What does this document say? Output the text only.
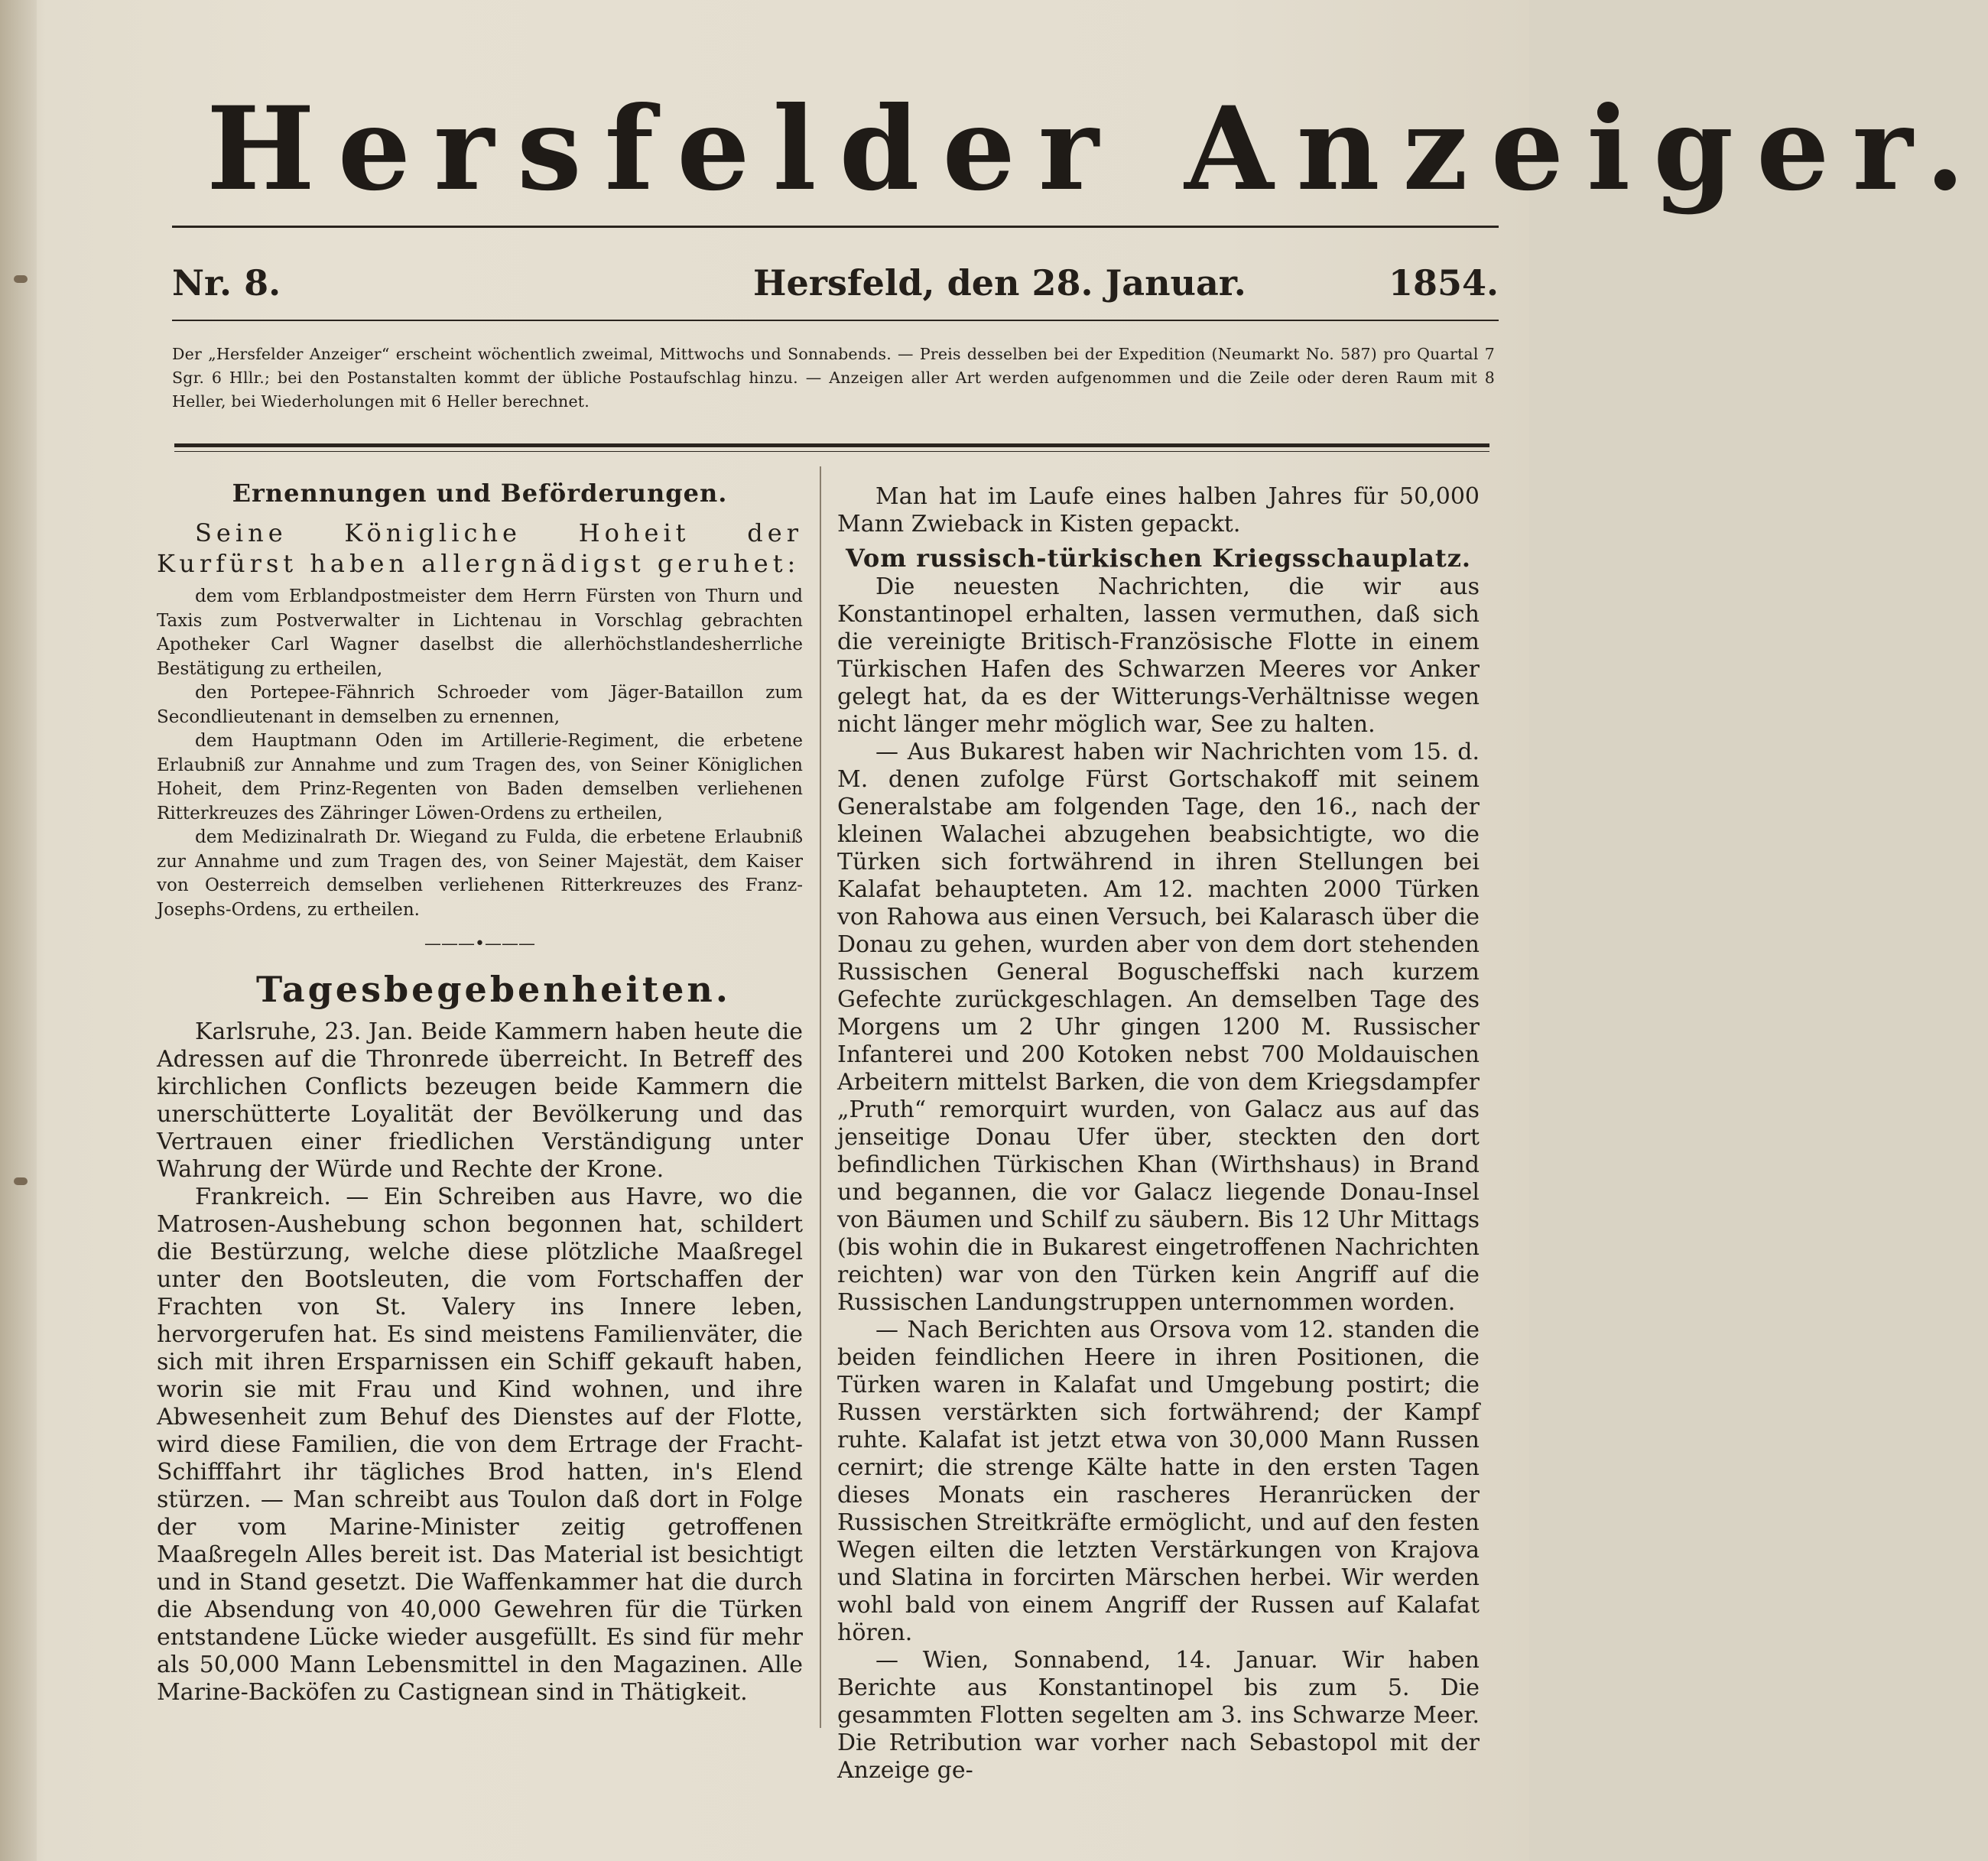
Hersfelder Anzeiger.
Nr. 8.	Hersfeld, den 28. Januar.	1854.
Der „Hersfelder Anzeiger“ erscheint wöchentlich zweimal, Mittwochs und Sonnabends. — Preis desselben bei der Expedition (Neumarkt No. 587) pro Quartal 7 Sgr. 6 Hllr.; bei den Postanstalten kommt der übliche Postaufschlag hinzu. — Anzeigen aller Art werden aufgenommen und die Zeile oder deren Raum mit 8 Heller, bei Wiederholungen mit 6 Heller berechnet.
Ernennungen und Beförderungen.

Seine Königliche Hoheit der Kurfürst haben allergnädigst geruhet:

dem vom Erblandpostmeister dem Herrn Fürsten von Thurn und Taxis zum Postverwalter in Lichtenau in Vorschlag gebrachten Apotheker Carl Wagner daselbst die allerhöchstlandesherrliche Bestätigung zu ertheilen,

den Portepee-Fähnrich Schroeder vom Jäger-Bataillon zum Secondlieutenant in demselben zu ernennen,

dem Hauptmann Oden im Artillerie-Regiment, die erbetene Erlaubniß zur Annahme und zum Tragen des, von Seiner Königlichen Hoheit, dem Prinz-Regenten von Baden demselben verliehenen Ritterkreuzes des Zähringer Löwen-Ordens zu ertheilen,

dem Medizinalrath Dr. Wiegand zu Fulda, die erbetene Erlaubniß zur Annahme und zum Tragen des, von Seiner Majestät, dem Kaiser von Oesterreich demselben verliehenen Ritterkreuzes des Franz-Josephs-Ordens, zu ertheilen.

———•———
Tagesbegebenheiten.

Karlsruhe, 23. Jan. Beide Kammern haben heute die Adressen auf die Thronrede überreicht. In Betreff des kirchlichen Conflicts bezeugen beide Kammern die unerschütterte Loyalität der Bevölkerung und das Vertrauen einer friedlichen Verständigung unter Wahrung der Würde und Rechte der Krone.

Frankreich. — Ein Schreiben aus Havre, wo die Matrosen-Aushebung schon begonnen hat, schildert die Bestürzung, welche diese plötzliche Maaßregel unter den Bootsleuten, die vom Fortschaffen der Frachten von St. Valery ins Innere leben, hervorgerufen hat. Es sind meistens Familienväter, die sich mit ihren Ersparnissen ein Schiff gekauft haben, worin sie mit Frau und Kind wohnen, und ihre Abwesenheit zum Behuf des Dienstes auf der Flotte, wird diese Familien, die von dem Ertrage der Fracht-Schifffahrt ihr tägliches Brod hatten, in's Elend stürzen. — Man schreibt aus Toulon daß dort in Folge der vom Marine-Minister zeitig getroffenen Maaßregeln Alles bereit ist. Das Material ist besichtigt und in Stand gesetzt. Die Waffenkammer hat die durch die Absendung von 40,000 Gewehren für die Türken entstandene Lücke wieder ausgefüllt. Es sind für mehr als 50,000 Mann Lebensmittel in den Magazinen. Alle Marine-Backöfen zu Castignean sind in Thätigkeit.

Man hat im Laufe eines halben Jahres für 50,000 Mann Zwieback in Kisten gepackt.

Vom russisch-türkischen Kriegsschauplatz.

Die neuesten Nachrichten, die wir aus Konstantinopel erhalten, lassen vermuthen, daß sich die vereinigte Britisch-Französische Flotte in einem Türkischen Hafen des Schwarzen Meeres vor Anker gelegt hat, da es der Witterungs-Verhältnisse wegen nicht länger mehr möglich war, See zu halten.

— Aus Bukarest haben wir Nachrichten vom 15. d. M. denen zufolge Fürst Gortschakoff mit seinem Generalstabe am folgenden Tage, den 16., nach der kleinen Walachei abzugehen beabsichtigte, wo die Türken sich fortwährend in ihren Stellungen bei Kalafat behaupteten. Am 12. machten 2000 Türken von Rahowa aus einen Versuch, bei Kalarasch über die Donau zu gehen, wurden aber von dem dort stehenden Russischen General Boguscheffski nach kurzem Gefechte zurückgeschlagen. An demselben Tage des Morgens um 2 Uhr gingen 1200 M. Russischer Infanterei und 200 Kotoken nebst 700 Moldauischen Arbeitern mittelst Barken, die von dem Kriegsdampfer „Pruth“ remorquirt wurden, von Galacz aus auf das jenseitige Donau Ufer über, steckten den dort befindlichen Türkischen Khan (Wirthshaus) in Brand und begannen, die vor Galacz liegende Donau-Insel von Bäumen und Schilf zu säubern. Bis 12 Uhr Mittags (bis wohin die in Bukarest eingetroffenen Nachrichten reichten) war von den Türken kein Angriff auf die Russischen Landungstruppen unternommen worden.

— Nach Berichten aus Orsova vom 12. standen die beiden feindlichen Heere in ihren Positionen, die Türken waren in Kalafat und Umgebung postirt; die Russen verstärkten sich fortwährend; der Kampf ruhte. Kalafat ist jetzt etwa von 30,000 Mann Russen cernirt; die strenge Kälte hatte in den ersten Tagen dieses Monats ein rascheres Heranrücken der Russischen Streitkräfte ermöglicht, und auf den festen Wegen eilten die letzten Verstärkungen von Krajova und Slatina in forcirten Märschen herbei. Wir werden wohl bald von einem Angriff der Russen auf Kalafat hören.

— Wien, Sonnabend, 14. Januar. Wir haben Berichte aus Konstantinopel bis zum 5. Die gesammten Flotten segelten am 3. ins Schwarze Meer. Die Retribution war vorher nach Sebastopol mit der Anzeige ge-
